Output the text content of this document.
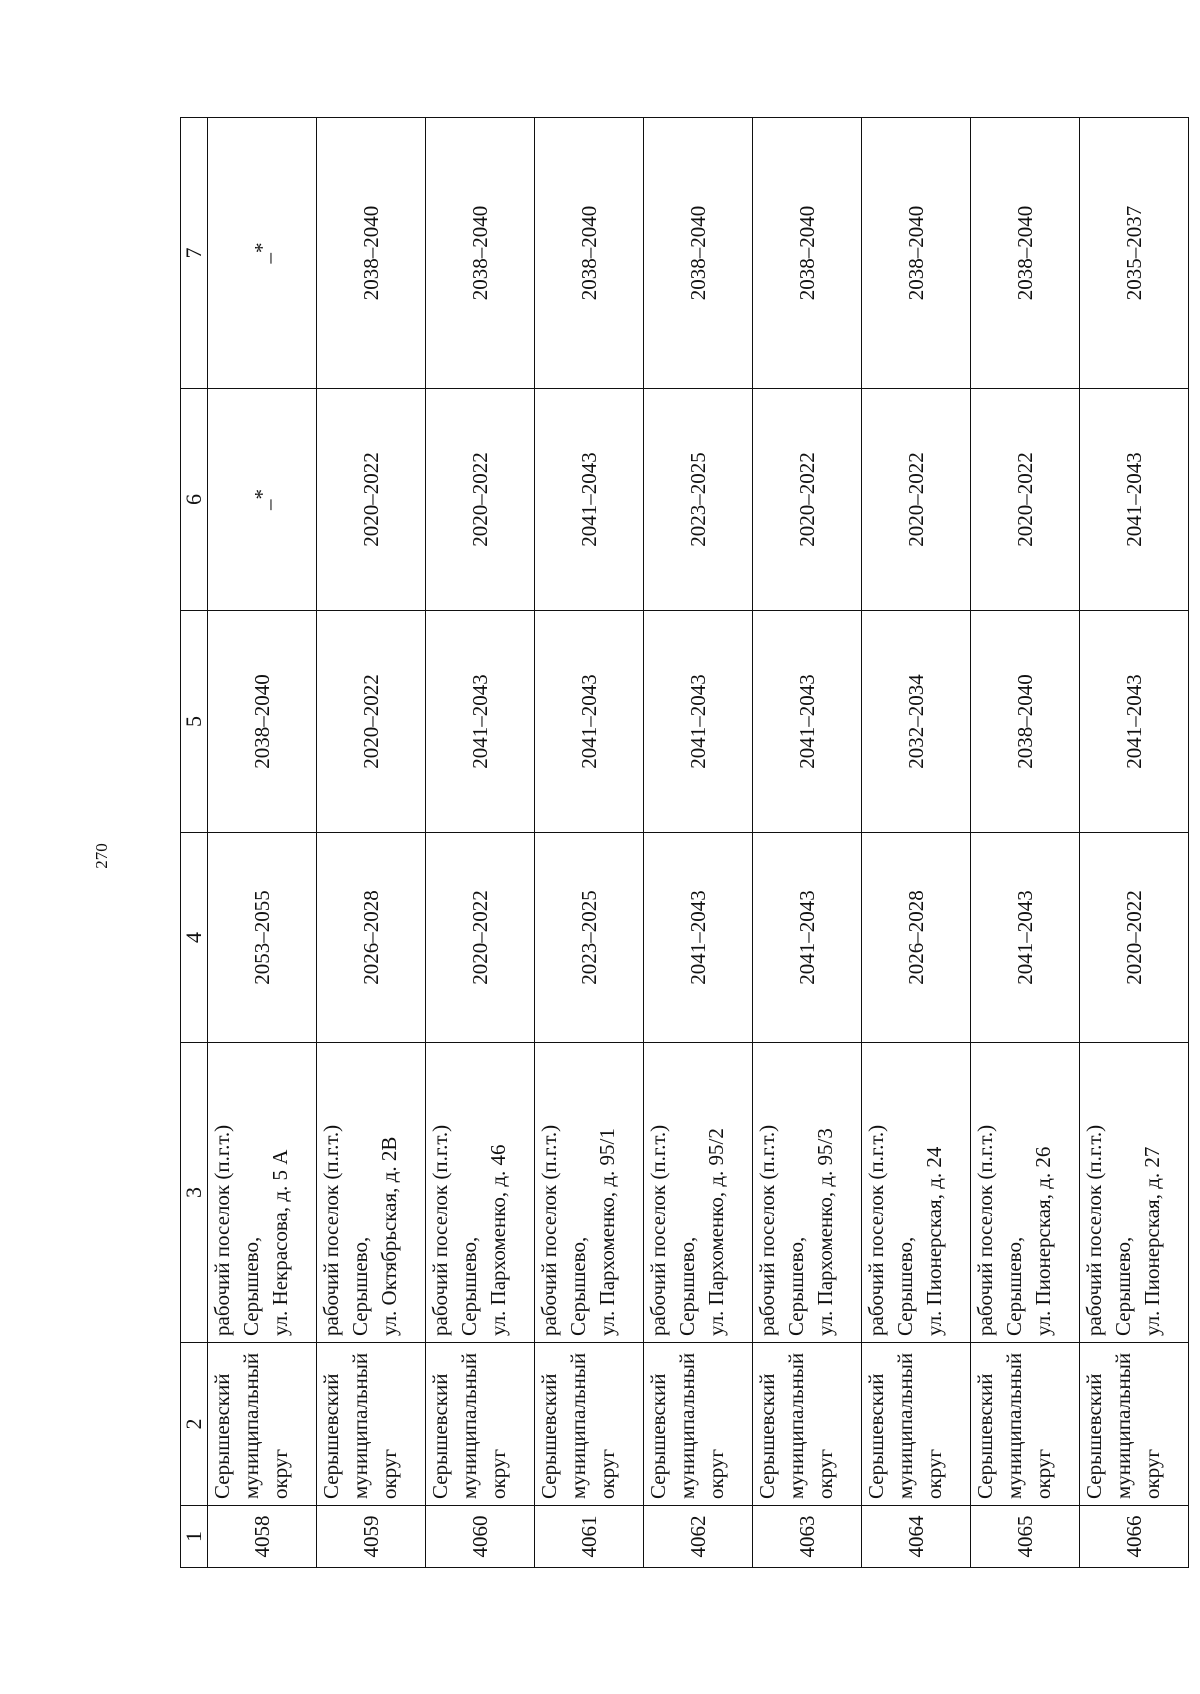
270
1	2	3	4	5	6	7
4058	Серышевский муниципальный округ	рабочий поселок (п.г.т.) Серышево, ул. Некрасова, д. 5 А	2053–2055	2038–2040	_*	_*
4059	Серышевский муниципальный округ	рабочий поселок (п.г.т.) Серышево, ул. Октябрьская, д. 2В	2026–2028	2020–2022	2020–2022	2038–2040
4060	Серышевский муниципальный округ	рабочий поселок (п.г.т.) Серышево, ул. Пархоменко, д. 46	2020–2022	2041–2043	2020–2022	2038–2040
4061	Серышевский муниципальный округ	рабочий поселок (п.г.т.) Серышево, ул. Пархоменко, д. 95/1	2023–2025	2041–2043	2041–2043	2038–2040
4062	Серышевский муниципальный округ	рабочий поселок (п.г.т.) Серышево, ул. Пархоменко, д. 95/2	2041–2043	2041–2043	2023–2025	2038–2040
4063	Серышевский муниципальный округ	рабочий поселок (п.г.т.) Серышево, ул. Пархоменко, д. 95/3	2041–2043	2041–2043	2020–2022	2038–2040
4064	Серышевский муниципальный округ	рабочий поселок (п.г.т.) Серышево, ул. Пионерская, д. 24	2026–2028	2032–2034	2020–2022	2038–2040
4065	Серышевский муниципальный округ	рабочий поселок (п.г.т.) Серышево, ул. Пионерская, д. 26	2041–2043	2038–2040	2020–2022	2038–2040
4066	Серышевский муниципальный округ	рабочий поселок (п.г.т.) Серышево, ул. Пионерская, д. 27	2020–2022	2041–2043	2041–2043	2035–2037
